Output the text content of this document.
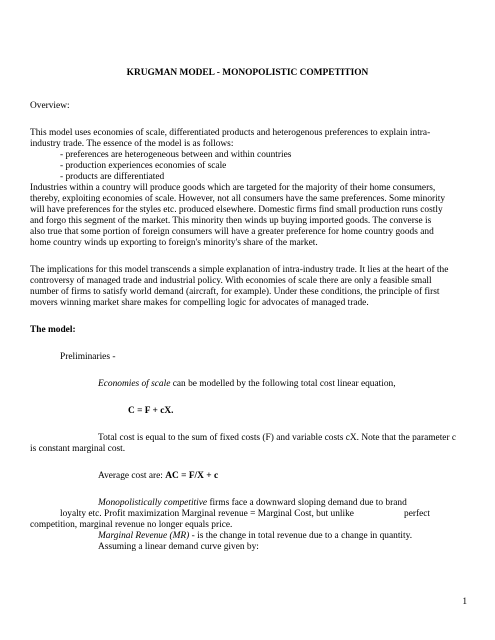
KRUGMAN MODEL - MONOPOLISTIC COMPETITION
Overview:
This model uses economies of scale, differentiated products and heterogenous preferences to explain intra-
industry trade. The essence of the model is as follows:
- preferences are heterogeneous between and within countries
- production experiences economies of scale
- products are differentiated
Industries within a country will produce goods which are targeted for the majority of their home consumers,
thereby, exploiting economies of scale. However, not all consumers have the same preferences. Some minority
will have preferences for the styles etc. produced elsewhere. Domestic firms find small production runs costly
and forgo this segment of the market. This minority then winds up buying imported goods. The converse is
also true that some portion of foreign consumers will have a greater preference for home country goods and
home country winds up exporting to foreign's minority's share of the market.
The implications for this model transcends a simple explanation of intra-industry trade. It lies at the heart of the
controversy of managed trade and industrial policy. With economies of scale there are only a feasible small
number of firms to satisfy world demand (aircraft, for example). Under these conditions, the principle of first
movers winning market share makes for compelling logic for advocates of managed trade.
The model:
Preliminaries -
Economies of scale can be modelled by the following total cost linear equation,
C = F + cX.
Total cost is equal to the sum of fixed costs (F) and variable costs cX. Note that the parameter c
is constant marginal cost.
Average cost are: AC = F/X + c
Monopolistically competitive firms face a downward sloping demand due to brand
loyalty etc. Profit maximization Marginal revenue = Marginal Cost, but unlike	perfect
competition, marginal revenue no longer equals price.
Marginal Revenue (MR) - is the change in total revenue due to a change in quantity.
Assuming a linear demand curve given by:
1
